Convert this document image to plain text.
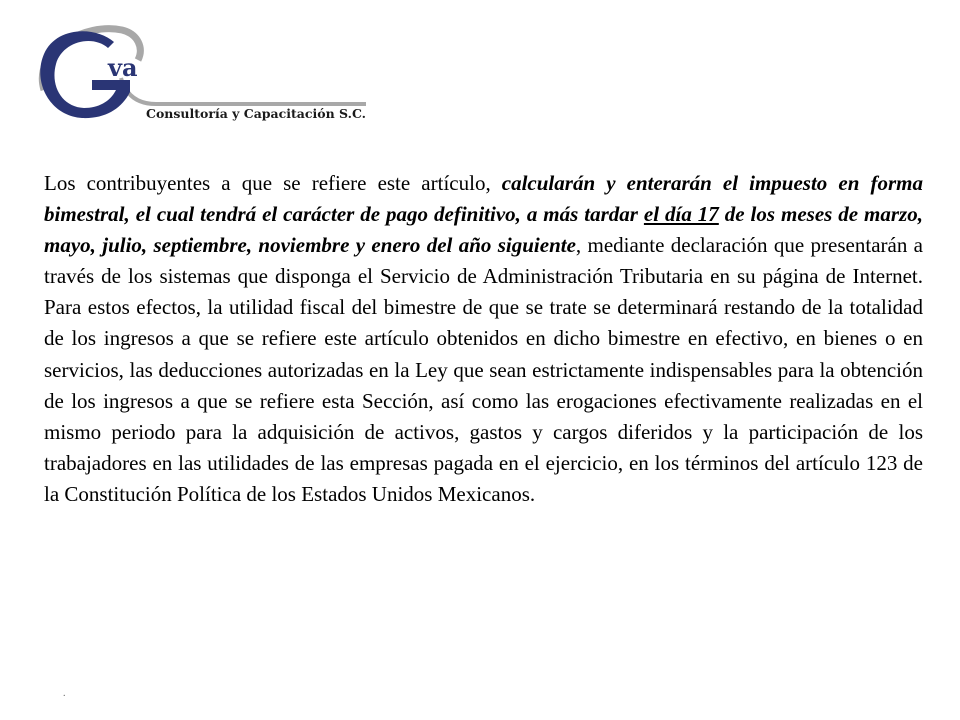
va
Consultoría y Capacitación S.C.
Los contribuyentes a que se refiere este artículo, calcularán y enterarán el impuesto en forma bimestral, el cual tendrá el carácter de pago definitivo, a más tardar el día 17 de los meses de marzo, mayo, julio, septiembre, noviembre y enero del año siguiente, mediante declaración que presentarán a través de los sistemas que disponga el Servicio de Administración Tributaria en su página de Internet. Para estos efectos, la utilidad fiscal del bimestre de que se trate se determinará restando de la totalidad de los ingresos a que se refiere este artículo obtenidos en dicho bimestre en efectivo, en bienes o en servicios, las deducciones autorizadas en la Ley que sean estrictamente indispensables para la obtención de los ingresos a que se refiere esta Sección, así como las erogaciones efectivamente realizadas en el mismo periodo para la adquisición de activos, gastos y cargos diferidos y la participación de los trabajadores en las utilidades de las empresas pagada en el ejercicio, en los términos del artículo 123 de la Constitución Política de los Estados Unidos Mexicanos.
.
